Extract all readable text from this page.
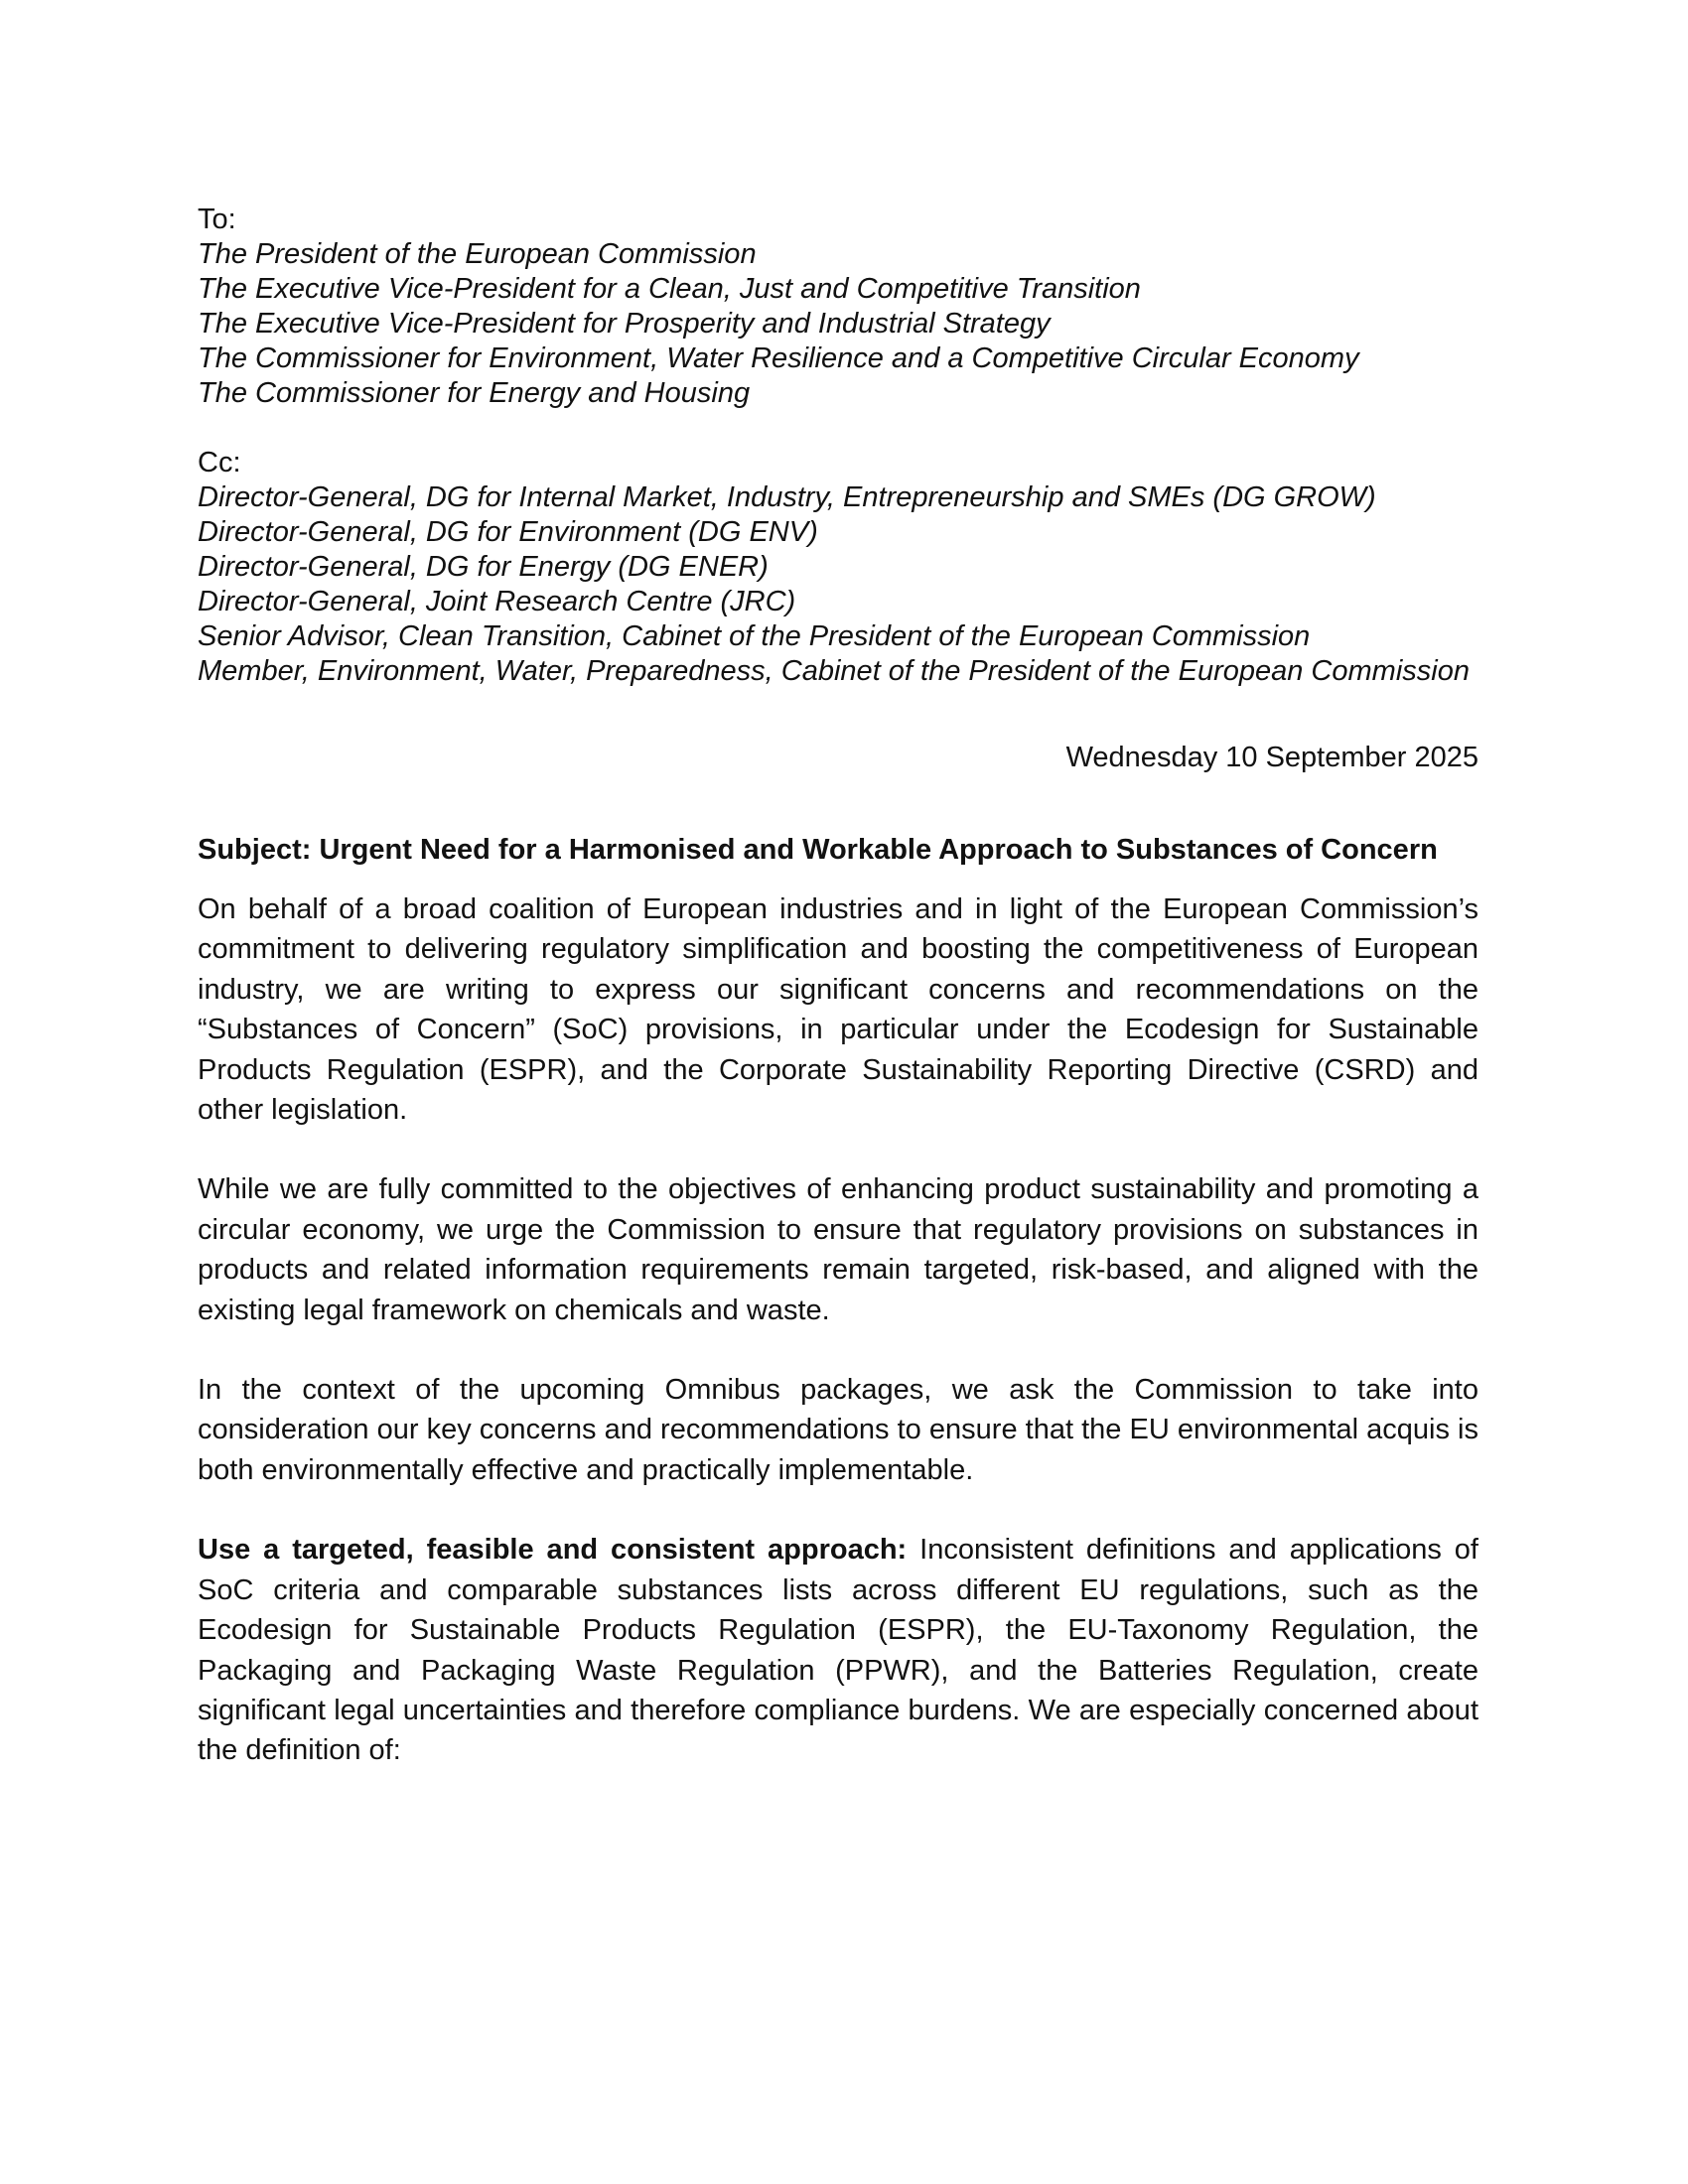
To:

The President of the European Commission
The Executive Vice-President for a Clean, Just and Competitive Transition
The Executive Vice-President for Prosperity and Industrial Strategy
The Commissioner for Environment, Water Resilience and a Competitive Circular Economy
The Commissioner for Energy and Housing

Cc:

Director-General, DG for Internal Market, Industry, Entrepreneurship and SMEs (DG GROW)
Director-General, DG for Environment (DG ENV)
Director-General, DG for Energy (DG ENER)
Director-General, Joint Research Centre (JRC)
Senior Advisor, Clean Transition, Cabinet of the President of the European Commission
Member, Environment, Water, Preparedness, Cabinet of the President of the European Commission

Wednesday 10 September 2025

Subject: Urgent Need for a Harmonised and Workable Approach to Substances of Concern

On behalf of a broad coalition of European industries and in light of the European Commission’s commitment to delivering regulatory simplification and boosting the competitiveness of European industry, we are writing to express our significant concerns and recommendations on the “Substances of Concern” (SoC) provisions, in particular under the Ecodesign for Sustainable Products Regulation (ESPR), and the Corporate Sustainability Reporting Directive (CSRD) and other legislation.

While we are fully committed to the objectives of enhancing product sustainability and promoting a circular economy, we urge the Commission to ensure that regulatory provisions on substances in products and related information requirements remain targeted, risk-based, and aligned with the existing legal framework on chemicals and waste.

In the context of the upcoming Omnibus packages, we ask the Commission to take into consideration our key concerns and recommendations to ensure that the EU environmental acquis is both environmentally effective and practically implementable.

Use a targeted, feasible and consistent approach: Inconsistent definitions and applications of SoC criteria and comparable substances lists across different EU regulations, such as the Ecodesign for Sustainable Products Regulation (ESPR), the EU-Taxonomy Regulation, the Packaging and Packaging Waste Regulation (PPWR), and the Batteries Regulation, create significant legal uncertainties and therefore compliance burdens. We are especially concerned about the definition of:
